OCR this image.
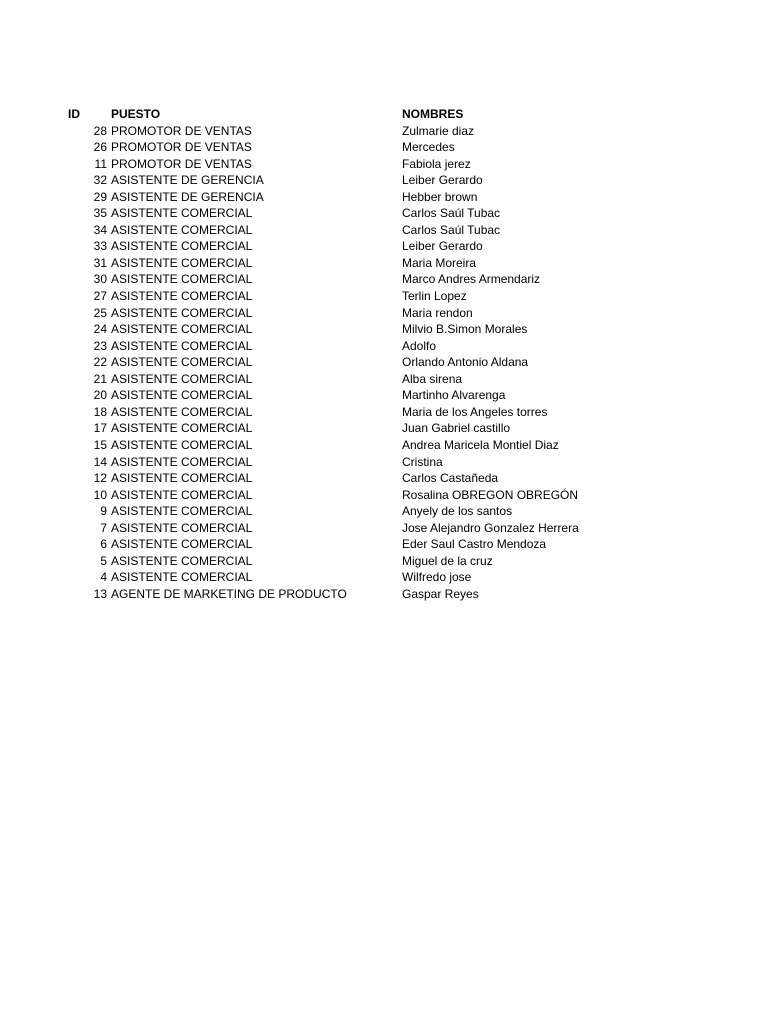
ID	PUESTO	NOMBRES
28 PROMOTOR DE VENTAS	Zulmarie diaz
26 PROMOTOR DE VENTAS	Mercedes
11 PROMOTOR DE VENTAS	Fabiola jerez
32 ASISTENTE DE GERENCIA	Leiber Gerardo
29 ASISTENTE DE GERENCIA	Hebber brown
35 ASISTENTE COMERCIAL	Carlos Saúl Tubac
34 ASISTENTE COMERCIAL	Carlos Saúl Tubac
33 ASISTENTE COMERCIAL	Leiber Gerardo
31 ASISTENTE COMERCIAL	Maria Moreira
30 ASISTENTE COMERCIAL	Marco Andres Armendariz
27 ASISTENTE COMERCIAL	Terlin Lopez
25 ASISTENTE COMERCIAL	Maria rendon
24 ASISTENTE COMERCIAL	Milvio B.Simon Morales
23 ASISTENTE COMERCIAL	Adolfo
22 ASISTENTE COMERCIAL	Orlando Antonio Aldana
21 ASISTENTE COMERCIAL	Alba sirena
20 ASISTENTE COMERCIAL	Martinho Alvarenga
18 ASISTENTE COMERCIAL	Maria de los Angeles torres
17 ASISTENTE COMERCIAL	Juan Gabriel castillo
15 ASISTENTE COMERCIAL	Andrea Maricela Montiel Diaz
14 ASISTENTE COMERCIAL	Cristina
12 ASISTENTE COMERCIAL	Carlos Castañeda
10 ASISTENTE COMERCIAL	Rosalina OBREGON OBREGÓN
9 ASISTENTE COMERCIAL	Anyely de los santos
7 ASISTENTE COMERCIAL	Jose Alejandro Gonzalez Herrera
6 ASISTENTE COMERCIAL	Eder Saul Castro Mendoza
5 ASISTENTE COMERCIAL	Miguel de la cruz
4 ASISTENTE COMERCIAL	Wilfredo jose
13 AGENTE DE MARKETING DE PRODUCTO	Gaspar Reyes
